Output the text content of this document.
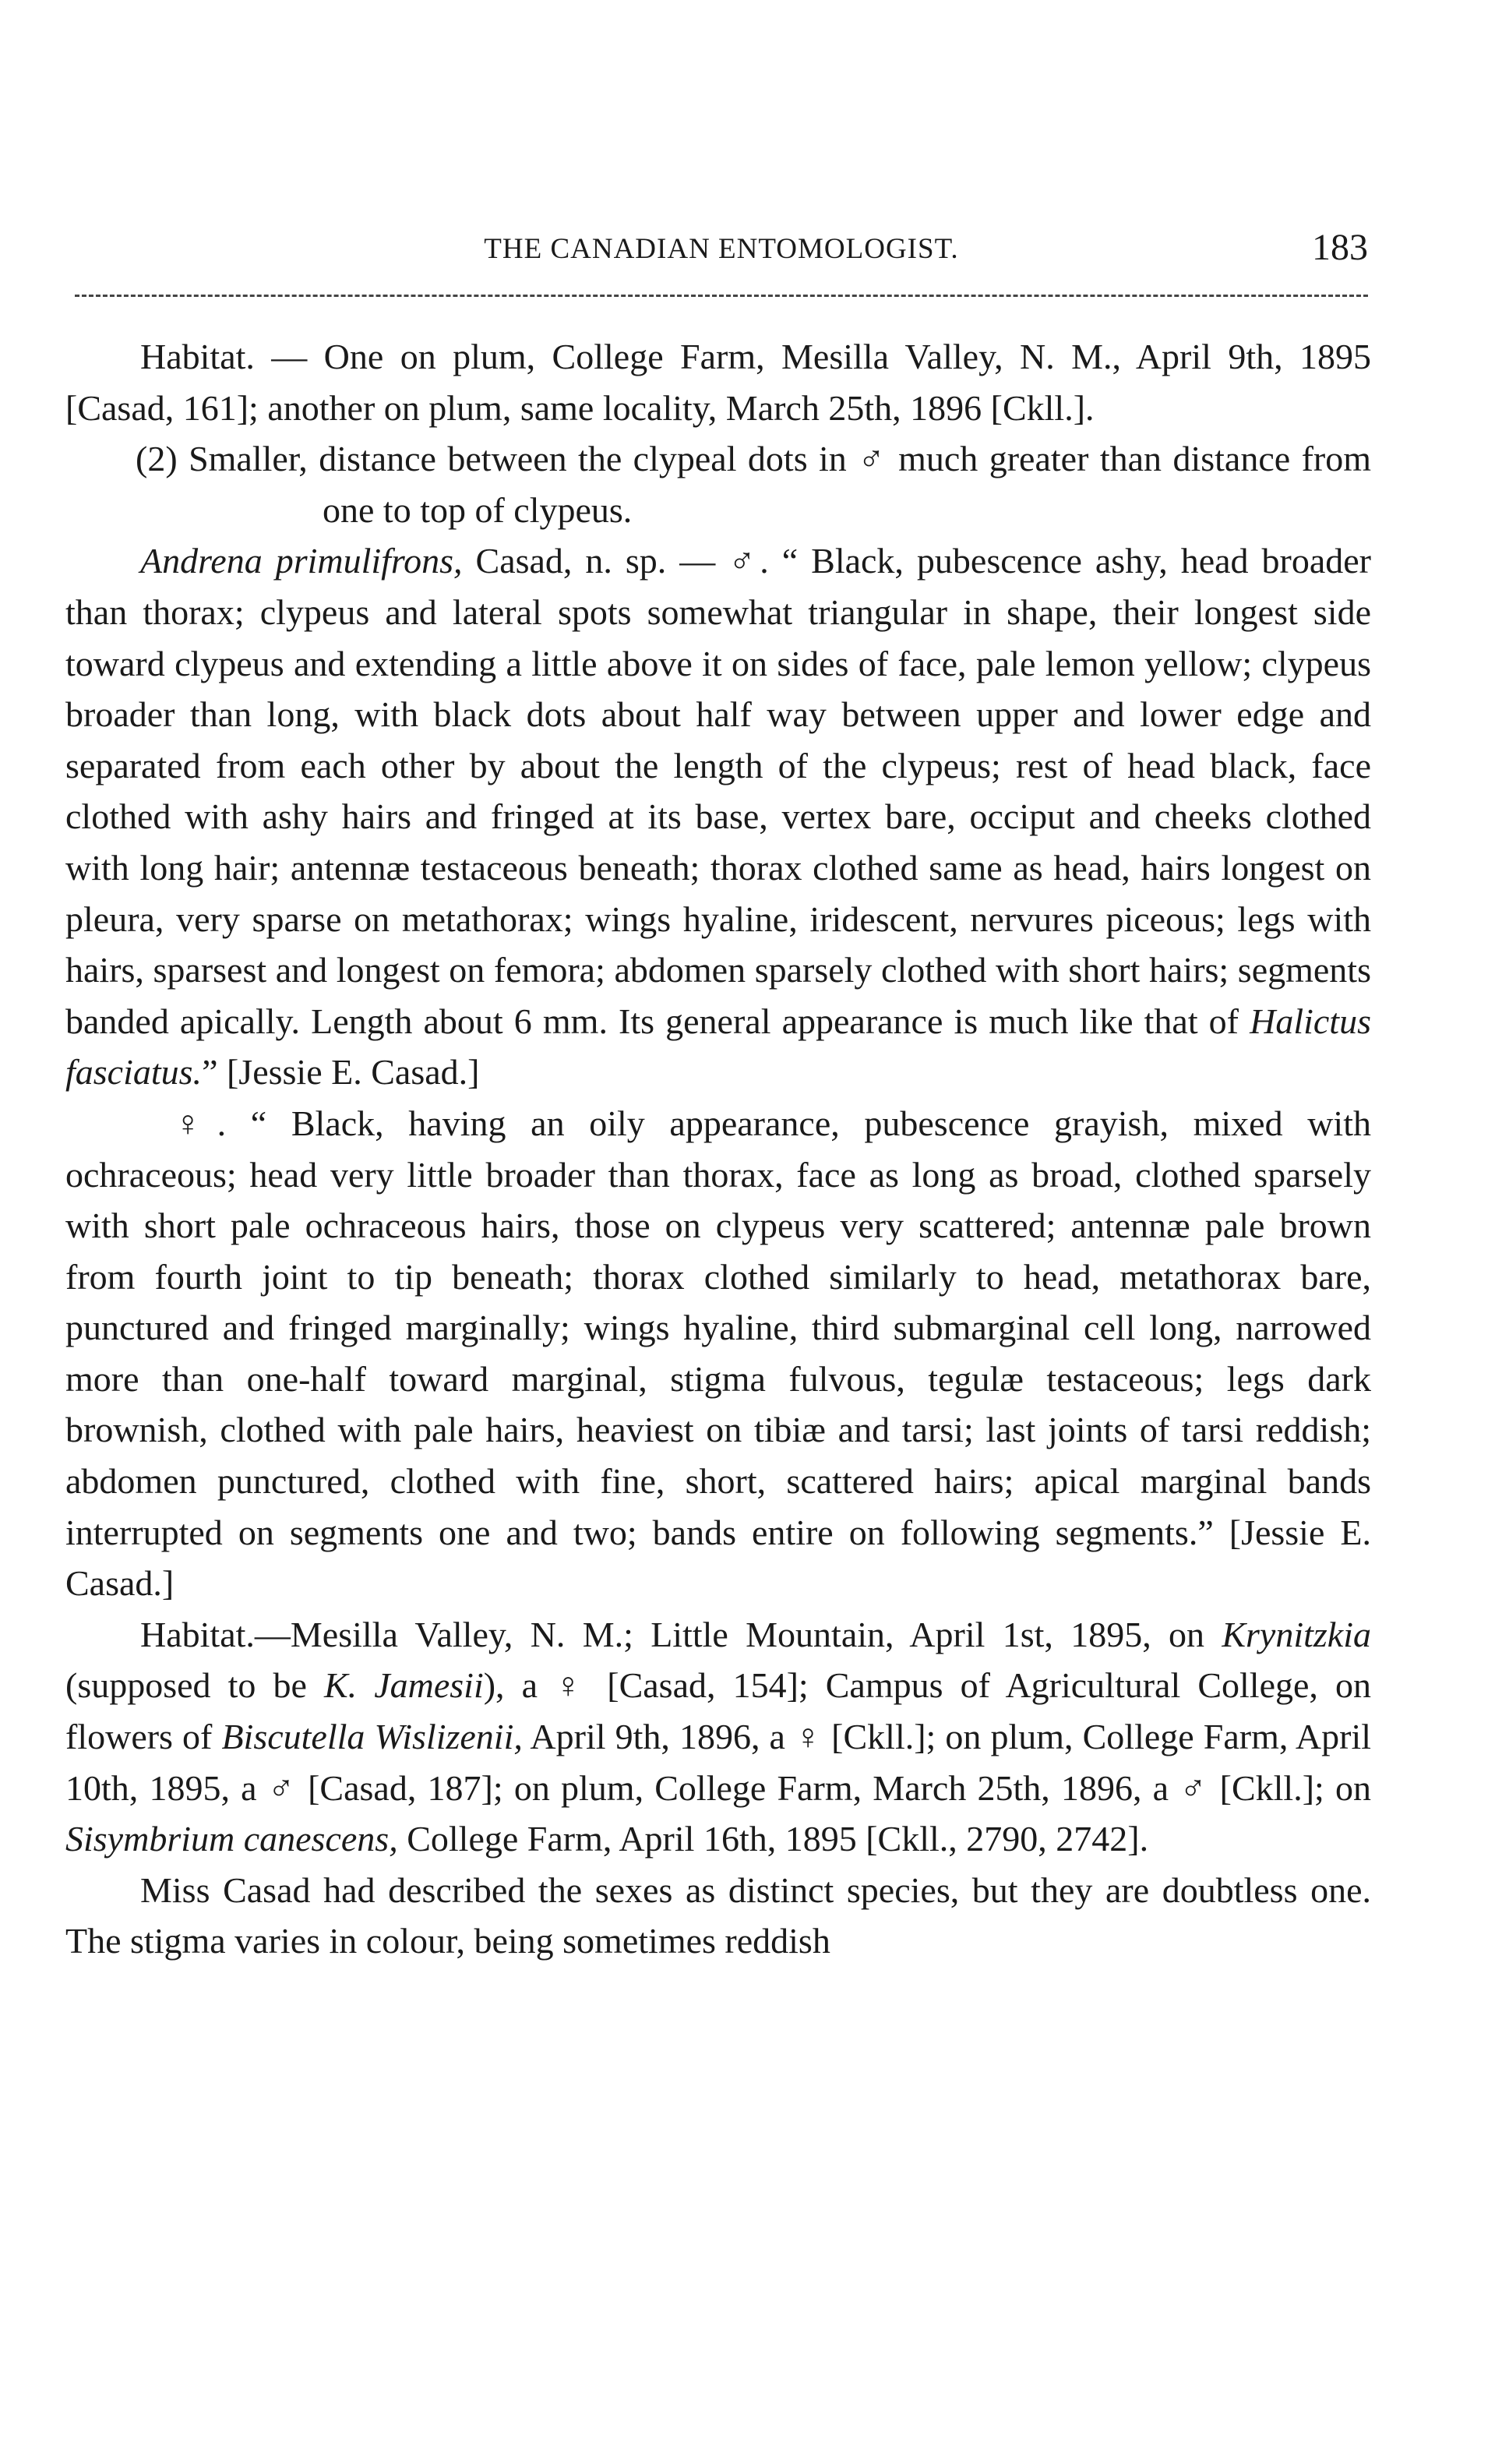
THE CANADIAN ENTOMOLOGIST.	183

Habitat. — One on plum, College Farm, Mesilla Valley, N. M., April 9th, 1895 [Casad, 161]; another on plum, same locality, March 25th, 1896 [Ckll.].

(2) Smaller, distance between the clypeal dots in ♂ much greater than distance from one to top of clypeus.

Andrena primulifrons, Casad, n. sp. — ♂. “ Black, pubescence ashy, head broader than thorax; clypeus and lateral spots somewhat triangular in shape, their longest side toward clypeus and extending a little above it on sides of face, pale lemon yellow; clypeus broader than long, with black dots about half way between upper and lower edge and separated from each other by about the length of the clypeus; rest of head black, face clothed with ashy hairs and fringed at its base, vertex bare, occiput and cheeks clothed with long hair; antennæ testaceous beneath; thorax clothed same as head, hairs longest on pleura, very sparse on metathorax; wings hyaline, iridescent, nervures piceous; legs with hairs, sparsest and longest on femora; abdomen sparsely clothed with short hairs; segments banded apically. Length about 6 mm. Its general appearance is much like that of Halictus fasciatus.” [Jessie E. Casad.]

♀. “ Black, having an oily appearance, pubescence grayish, mixed with ochraceous; head very little broader than thorax, face as long as broad, clothed sparsely with short pale ochraceous hairs, those on clypeus very scattered; antennæ pale brown from fourth joint to tip beneath; thorax clothed similarly to head, metathorax bare, punctured and fringed marginally; wings hyaline, third submarginal cell long, narrowed more than one-half toward marginal, stigma fulvous, tegulæ testaceous; legs dark brownish, clothed with pale hairs, heaviest on tibiæ and tarsi; last joints of tarsi reddish; abdomen punctured, clothed with fine, short, scattered hairs; apical marginal bands interrupted on segments one and two; bands entire on following segments.” [Jessie E. Casad.]

Habitat.—Mesilla Valley, N. M.; Little Mountain, April 1st, 1895, on Krynitzkia (supposed to be K. Jamesii), a ♀ [Casad, 154]; Campus of Agricultural College, on flowers of Biscutella Wislizenii, April 9th, 1896, a ♀ [Ckll.]; on plum, College Farm, April 10th, 1895, a ♂ [Casad, 187]; on plum, College Farm, March 25th, 1896, a ♂ [Ckll.]; on Sisymbrium canescens, College Farm, April 16th, 1895 [Ckll., 2790, 2742].

Miss Casad had described the sexes as distinct species, but they are doubtless one. The stigma varies in colour, being sometimes reddish
